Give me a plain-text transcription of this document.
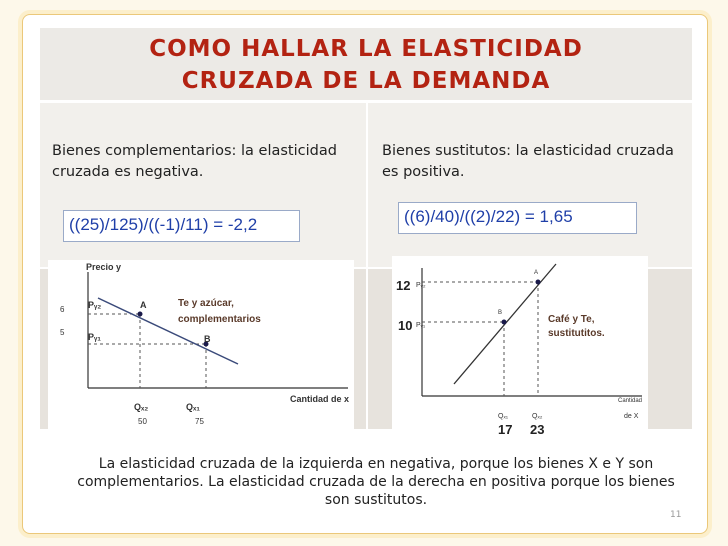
COMO HALLAR LA ELASTICIDAD
CRUZADA DE LA DEMANDA
Bienes complementarios: la elasticidad cruzada es negativa.
Bienes sustitutos: la elasticidad cruzada es positiva.
((25)/125)/((-1)/11) = -2,2	((6)/40)/((2)/22) = 1,65
Precio y
Cantidad de x
6
5
Pᵧ₂
Pᵧ₁
A
B
Te y azúcar,
complementarios
Qₓ₂	Qₓ₁
50	75
12
10
Pᵧ₂
Pᵧ₁
A
B
Café y Te,
sustitutitos.
Cantidad
de X
Qₓ₁	Qₓ₂
17 23
La elasticidad cruzada de la izquierda en negativa, porque los bienes X e Y son complementarios. La elasticidad cruzada de la derecha en positiva porque los bienes son sustitutos.
11
